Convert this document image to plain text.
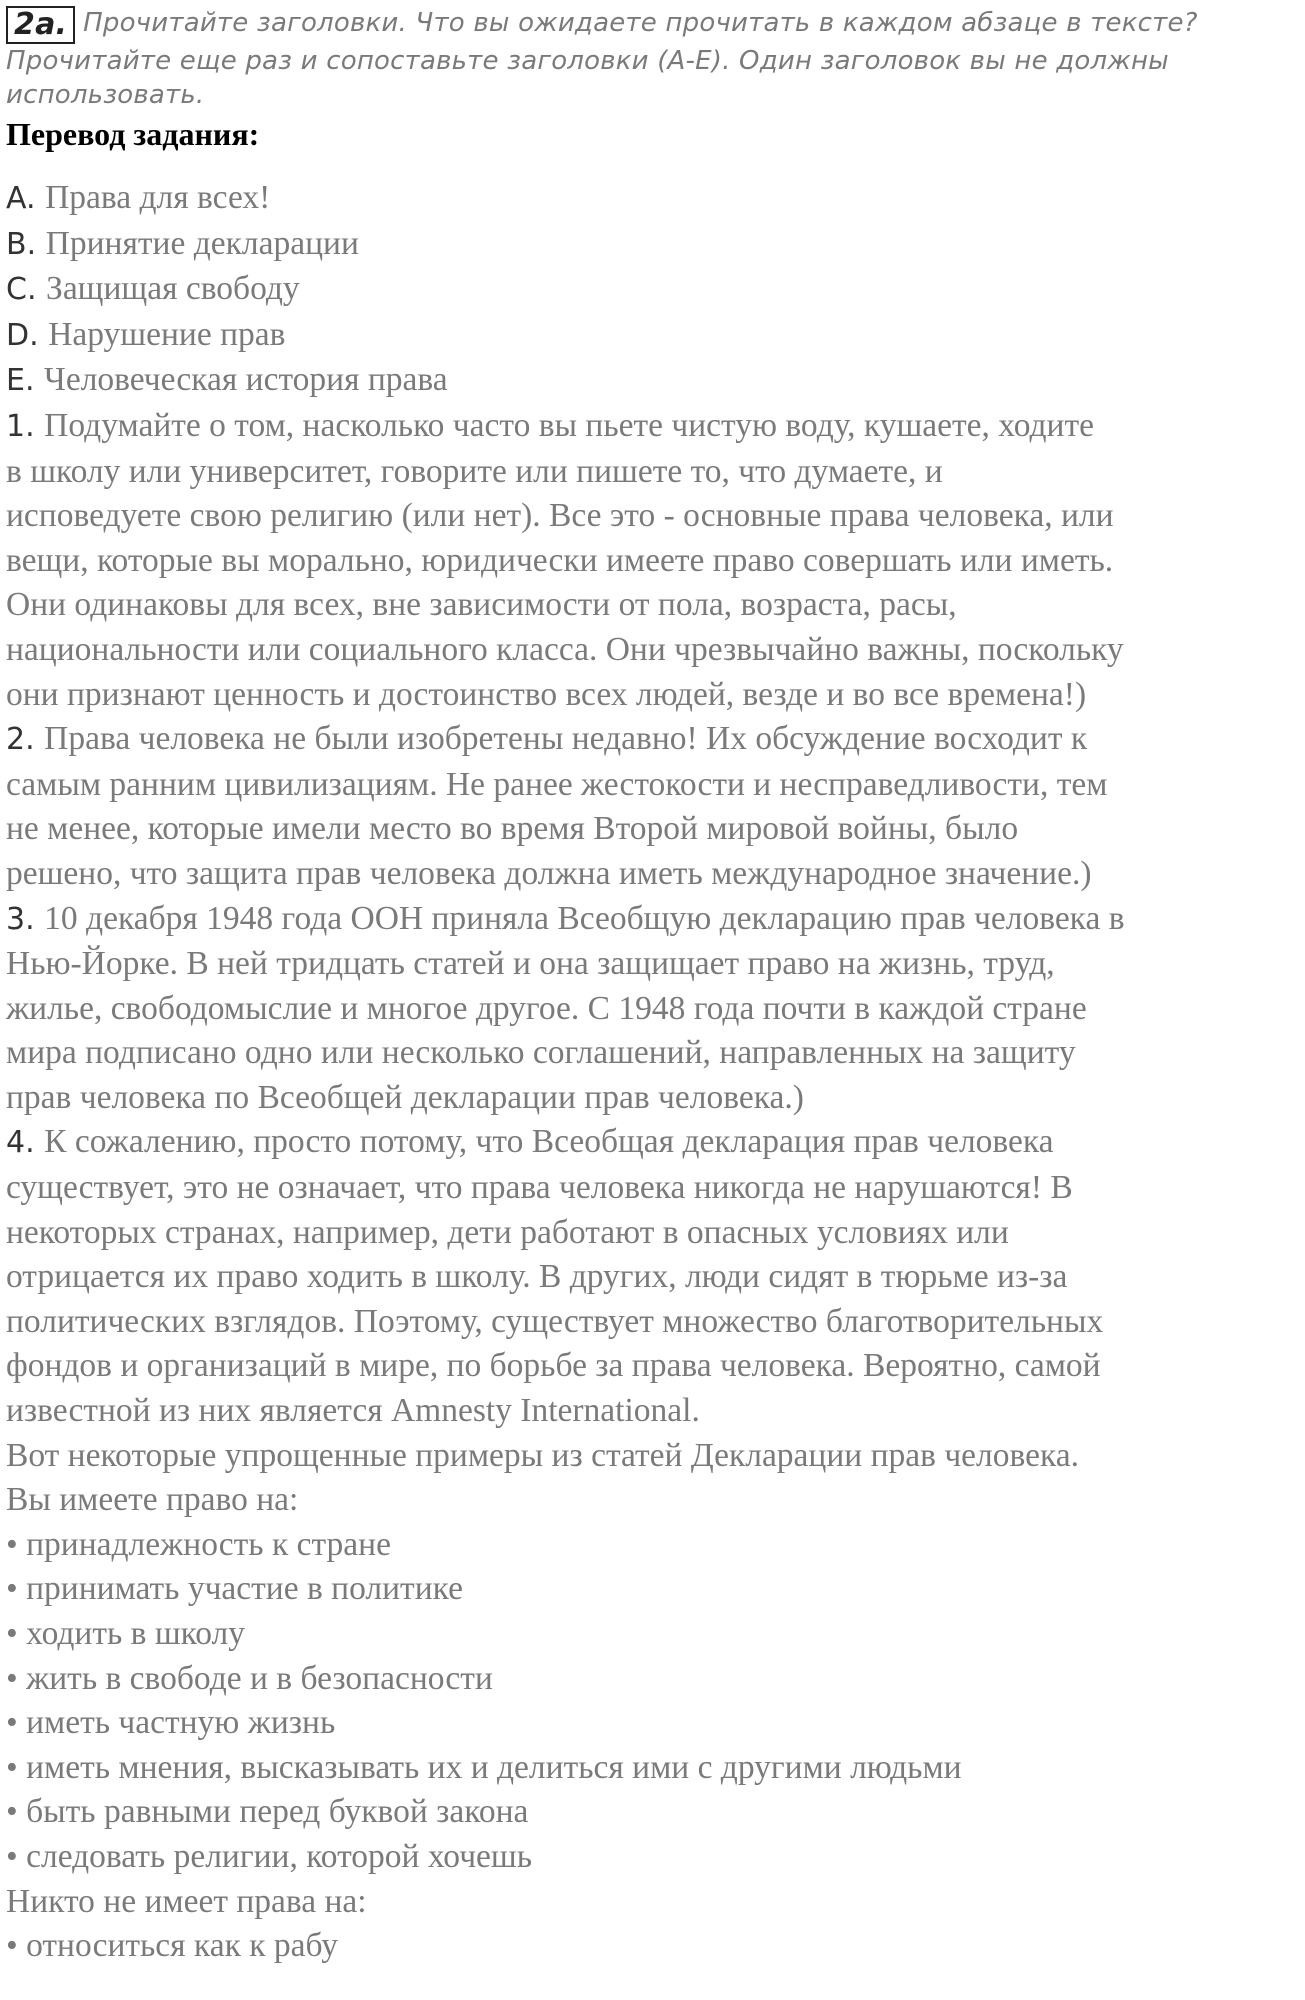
2a. Прочитайте заголовки. Что вы ожидаете прочитать в каждом абзаце в тексте?
Прочитайте еще раз и сопоставьте заголовки (A-E). Один заголовок вы не должны
использовать.
Перевод задания:
A. Права для всех!
B. Принятие декларации
C. Защищая свободу
D. Нарушение прав
E. Человеческая история права
1. Подумайте о том, насколько часто вы пьете чистую воду, кушаете, ходите
в школу или университет, говорите или пишете то, что думаете, и
исповедуете свою религию (или нет). Все это - основные права человека, или
вещи, которые вы морально, юридически имеете право совершать или иметь.
Они одинаковы для всех, вне зависимости от пола, возраста, расы,
национальности или социального класса. Они чрезвычайно важны, поскольку
они признают ценность и достоинство всех людей, везде и во все времена!)
2. Права человека не были изобретены недавно! Их обсуждение восходит к
самым ранним цивилизациям. Не ранее жестокости и несправедливости, тем
не менее, которые имели место во время Второй мировой войны, было
решено, что защита прав человека должна иметь международное значение.)
3. 10 декабря 1948 года ООН приняла Всеобщую декларацию прав человека в
Нью-Йорке. В ней тридцать статей и она защищает право на жизнь, труд,
жилье, свободомыслие и многое другое. С 1948 года почти в каждой стране
мира подписано одно или несколько соглашений, направленных на защиту
прав человека по Всеобщей декларации прав человека.)
4. К сожалению, просто потому, что Всеобщая декларация прав человека
существует, это не означает, что права человека никогда не нарушаются! В
некоторых странах, например, дети работают в опасных условиях или
отрицается их право ходить в школу. В других, люди сидят в тюрьме из-за
политических взглядов. Поэтому, существует множество благотворительных
фондов и организаций в мире, по борьбе за права человека. Вероятно, самой
известной из них является Amnesty International.
Вот некоторые упрощенные примеры из статей Декларации прав человека.
Вы имеете право на:
• принадлежность к стране
• принимать участие в политике
• ходить в школу
• жить в свободе и в безопасности
• иметь частную жизнь
• иметь мнения, высказывать их и делиться ими с другими людьми
• быть равными перед буквой закона
• следовать религии, которой хочешь
Никто не имеет права на:
• относиться как к рабу
